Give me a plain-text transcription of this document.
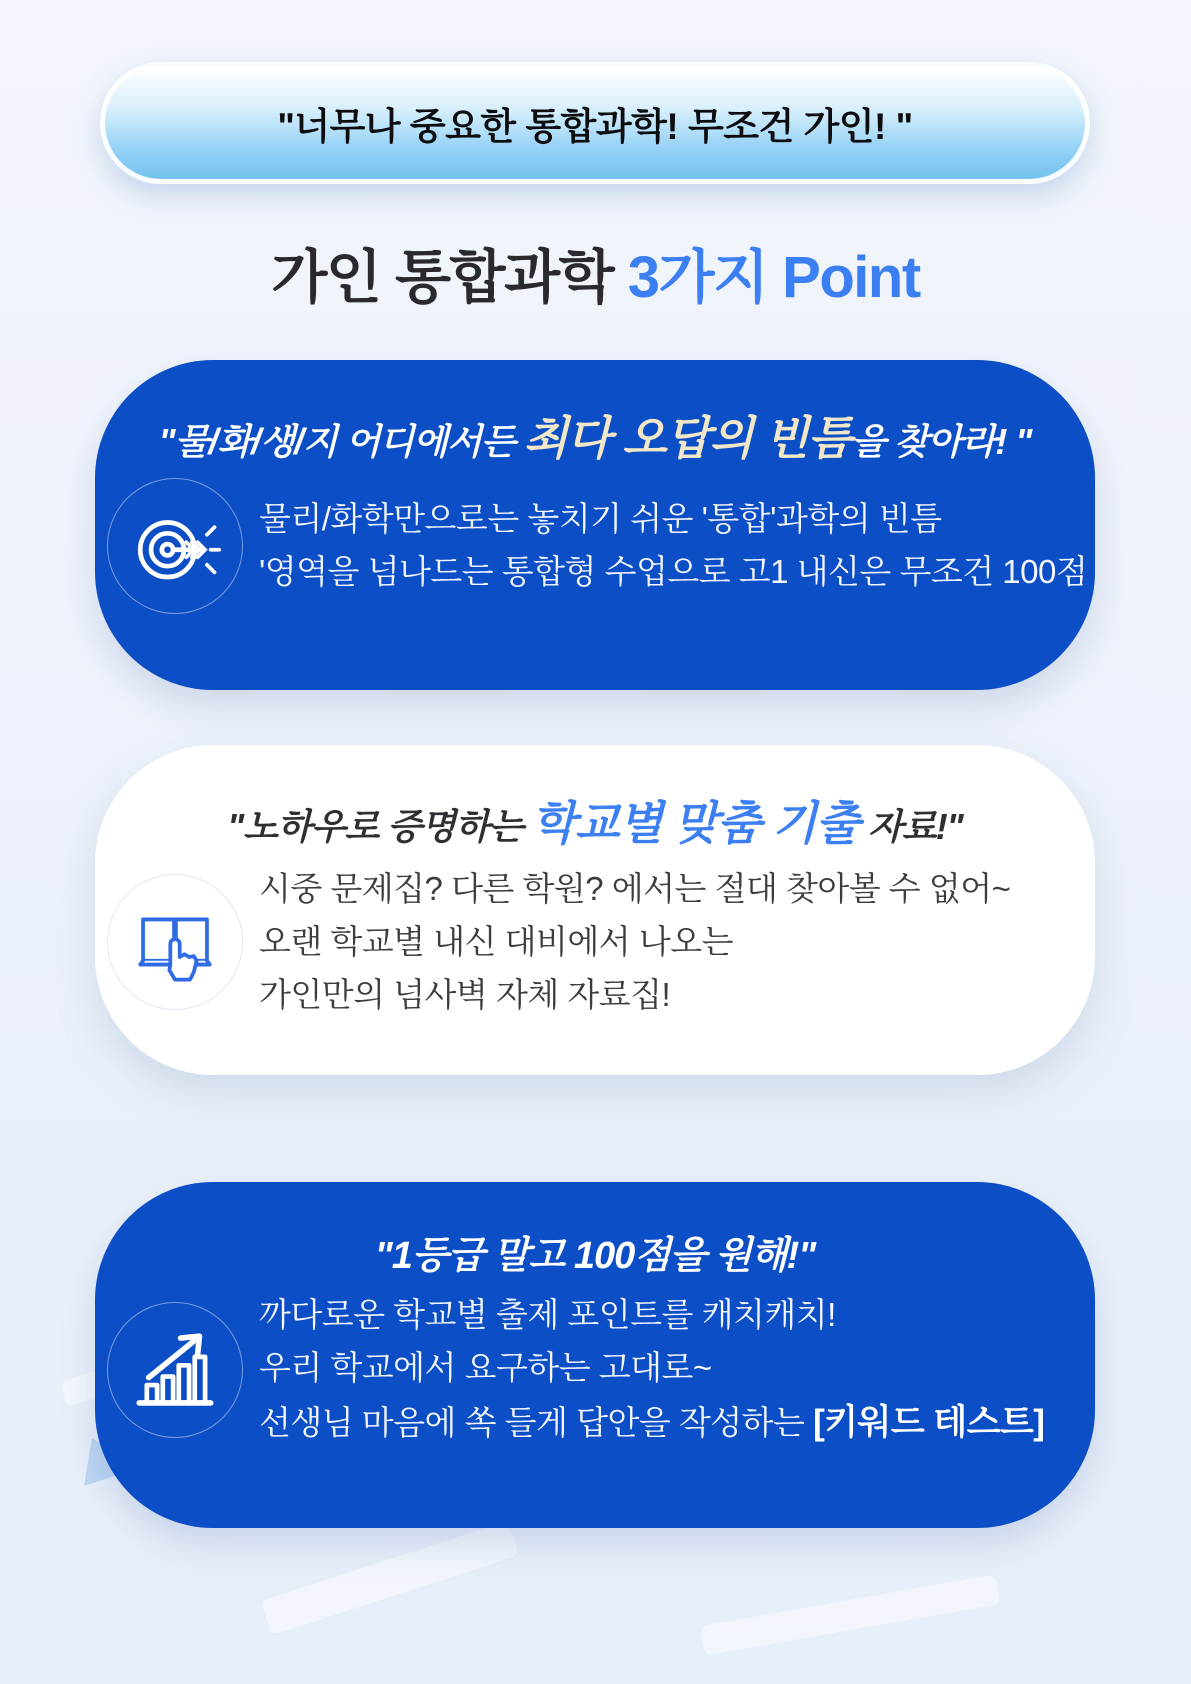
"너무나 중요한 통합과학! 무조건 가인! "
가인 통합과학 3가지 Point
"물/화/생/지 어디에서든 최다 오답의 빈틈을 찾아라! "
물리/화학만으로는 놓치기 쉬운 '통합'과학의 빈틈
'영역을 넘나드는 통합형 수업으로 고1 내신은 무조건 100점
"노하우로 증명하는 학교별 맞춤 기출 자료!"
시중 문제집? 다른 학원? 에서는 절대 찾아볼 수 없어~
오랜 학교별 내신 대비에서 나오는
가인만의 넘사벽 자체 자료집!
"1등급 말고 100점을 원해!"
까다로운 학교별 출제 포인트를 캐치캐치!
우리 학교에서 요구하는 고대로~
선생님 마음에 쏙 들게 답안을 작성하는 [키워드 테스트]
